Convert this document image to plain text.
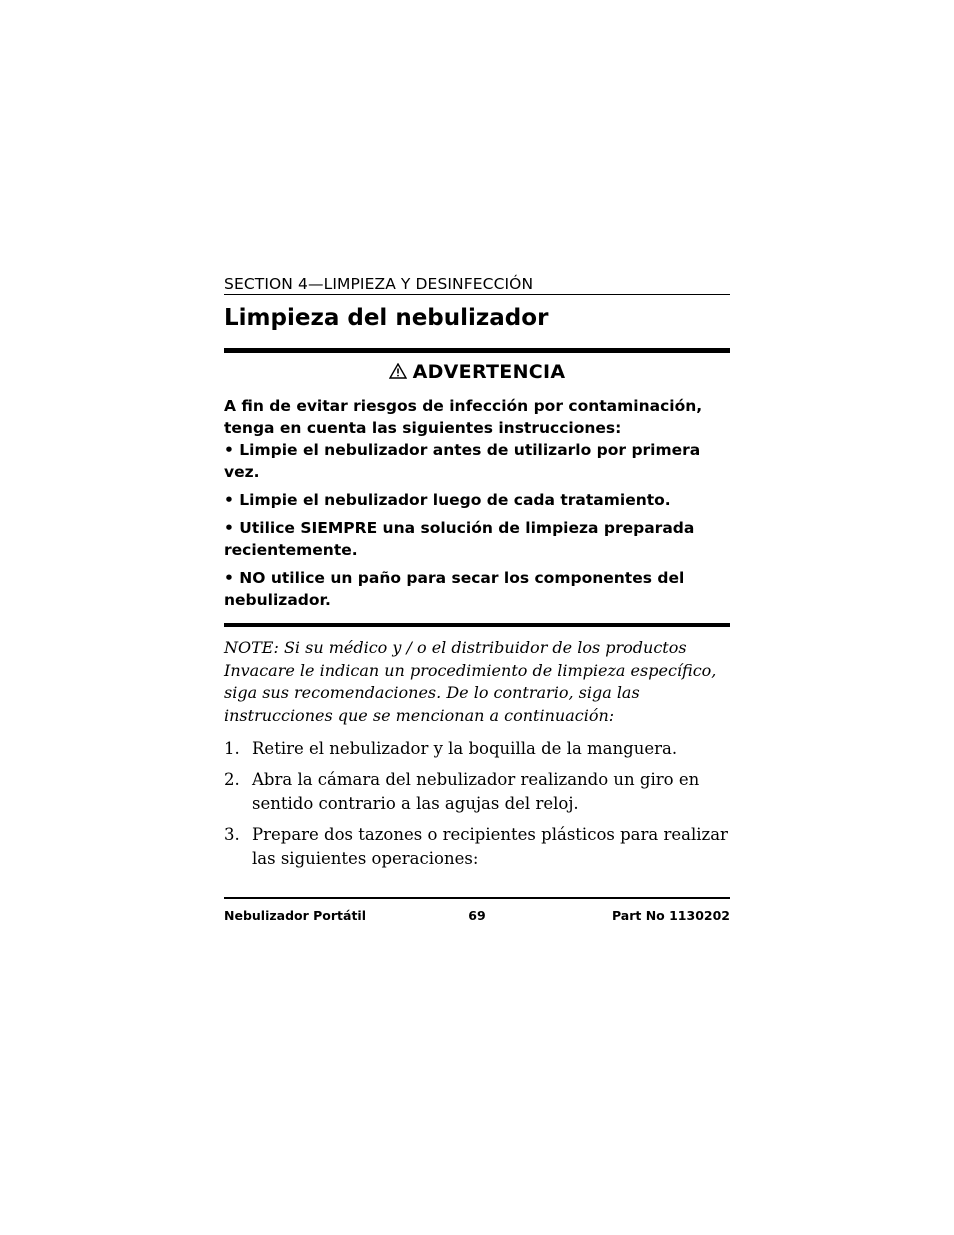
SECTION 4—LIMPIEZA Y DESINFECCIÓN
Limpieza del nebulizador
ADVERTENCIA

A fin de evitar riesgos de infección por contaminación, tenga en cuenta las siguientes instrucciones:

• Limpie el nebulizador antes de utilizarlo por primera vez.

• Limpie el nebulizador luego de cada tratamiento.

• Utilice SIEMPRE una solución de limpieza preparada recientemente.

• NO utilice un paño para secar los componentes del nebulizador.

NOTE: Si su médico y / o el distribuidor de los productos Invacare le indican un procedimiento de limpieza específico, siga sus recomendaciones. De lo contrario, siga las instrucciones que se mencionan a continuación:

1. Retire el nebulizador y la boquilla de la manguera.
2. Abra la cámara del nebulizador realizando un giro en sentido contrario a las agujas del reloj.
3. Prepare dos tazones o recipientes plásticos para realizar las siguientes operaciones:
Nebulizador Portátil	69	Part No 1130202
